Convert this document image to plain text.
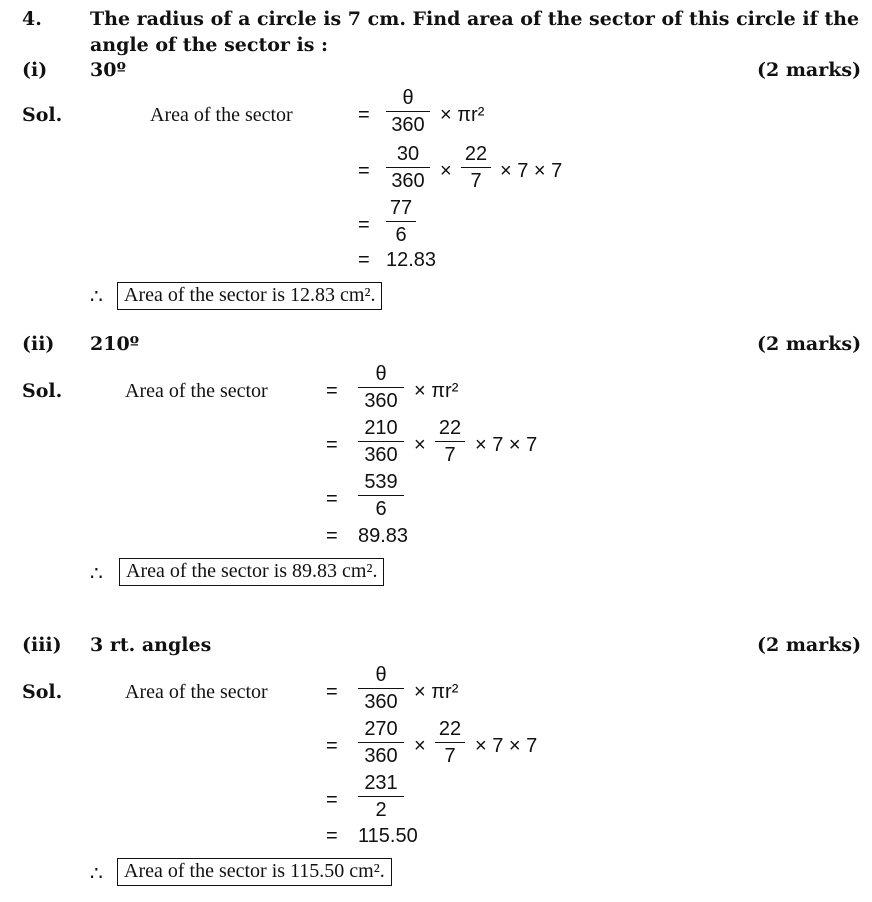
4.	The radius of a circle is 7 cm. Find area of the sector of this circle if the
angle of the sector is :
(i) 30º	(2 marks)
Sol.	Area of the sector	=
θ
360 × πr²
=
30
360 ×
22
7 × 7 × 7
=
77
6
= 12.83
∴	Area of the sector is 12.83 cm².
(ii) 210º	(2 marks)
Sol.	Area of the sector	=
θ
360 × πr²
=
210
360 ×
22
7 × 7 × 7
=
539
6
= 89.83
∴	Area of the sector is 89.83 cm².
(iii) 3 rt. angles	(2 marks)
Sol.	Area of the sector	=
θ
360 × πr²
=
270
360 ×
22
7 × 7 × 7
=
231
2
= 115.50
∴	Area of the sector is 115.50 cm².
